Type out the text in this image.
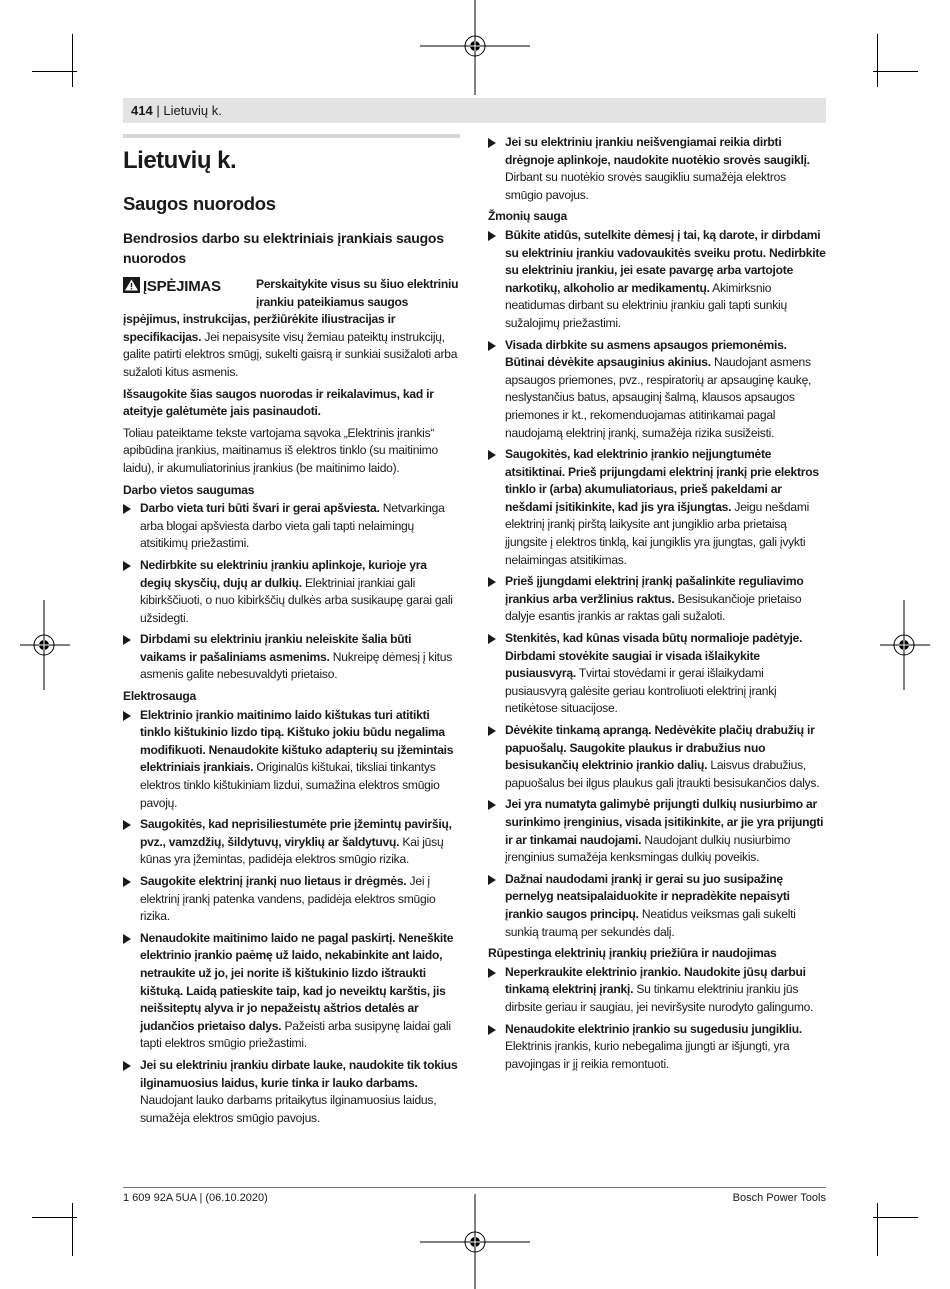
414 | Lietuvių k.
Lietuvių k.
Saugos nuorodos
Bendrosios darbo su elektriniais įrankiais saugos nuorodos
ĮSPĖJIMAS	Perskaitykite visus su šiuo elektriniu įrankiu pateikiamus saugos įspėjimus, instrukcijas, peržiūrėkite iliustracijas ir specifikacijas. Jei nepaisysite visų žemiau pateiktų instrukcijų, galite patirti elektros smūgį, sukelti gaisrą ir sunkiai susižaloti arba sužaloti kitus asmenis.

Išsaugokite šias saugos nuorodas ir reikalavimus, kad ir ateityje galėtumėte jais pasinaudoti.

Toliau pateiktame tekste vartojama sąvoka „Elektrinis įrankis“ apibūdina įrankius, maitinamus iš elektros tinklo (su maitinimo laidu), ir akumuliatorinius įrankius (be maitinimo laido).

Darbo vietos saugumas
Darbo vieta turi būti švari ir gerai apšviesta. Netvarkinga arba blogai apšviesta darbo vieta gali tapti nelaimingų atsitikimų priežastimi.
Nedirbkite su elektriniu įrankiu aplinkoje, kurioje yra degių skysčių, dujų ar dulkių. Elektriniai įrankiai gali kibirkščiuoti, o nuo kibirkščių dulkės arba susikaupę garai gali užsidegti.
Dirbdami su elektriniu įrankiu neleiskite šalia būti vaikams ir pašaliniams asmenims. Nukreipę dėmesį į kitus asmenis galite nebesuvaldyti prietaiso.
Elektrosauga
Elektrinio įrankio maitinimo laido kištukas turi atitikti tinklo kištukinio lizdo tipą. Kištuko jokiu būdu negalima modifikuoti. Nenaudokite kištuko adapterių su įžemintais elektriniais įrankiais. Originalūs kištukai, tiksliai tinkantys elektros tinklo kištukiniam lizdui, sumažina elektros smūgio pavojų.
Saugokitės, kad neprisiliestumėte prie įžemintų paviršių, pvz., vamzdžių, šildytuvų, viryklių ar šaldytuvų. Kai jūsų kūnas yra įžemintas, padidėja elektros smūgio rizika.
Saugokite elektrinį įrankį nuo lietaus ir drėgmės. Jei į elektrinį įrankį patenka vandens, padidėja elektros smūgio rizika.
Nenaudokite maitinimo laido ne pagal paskirtį. Neneškite elektrinio įrankio paėmę už laido, nekabinkite ant laido, netraukite už jo, jei norite iš kištukinio lizdo ištraukti kištuką. Laidą patieskite taip, kad jo neveiktų karštis, jis neišsiteptų alyva ir jo nepažeistų aštrios detalės ar judančios prietaiso dalys. Pažeisti arba susipynę laidai gali tapti elektros smūgio priežastimi.
Jei su elektriniu įrankiu dirbate lauke, naudokite tik tokius ilginamuosius laidus, kurie tinka ir lauko darbams. Naudojant lauko darbams pritaikytus ilginamuosius laidus, sumažėja elektros smūgio pavojus.
Jei su elektriniu įrankiu neišvengiamai reikia dirbti drėgnoje aplinkoje, naudokite nuotėkio srovės saugiklį. Dirbant su nuotėkio srovės saugikliu sumažėja elektros smūgio pavojus.
Žmonių sauga
Būkite atidūs, sutelkite dėmesį į tai, ką darote, ir dirbdami su elektriniu įrankiu vadovaukitės sveiku protu. Nedirbkite su elektriniu įrankiu, jei esate pavargę arba vartojote narkotikų, alkoholio ar medikamentų. Akimirksnio neatidumas dirbant su elektriniu įrankiu gali tapti sunkių sužalojimų priežastimi.
Visada dirbkite su asmens apsaugos priemonėmis. Būtinai dėvėkite apsauginius akinius. Naudojant asmens apsaugos priemones, pvz., respiratorių ar apsauginę kaukę, neslystančius batus, apsauginį šalmą, klausos apsaugos priemones ir kt., rekomenduojamas atitinkamai pagal naudojamą elektrinį įrankį, sumažėja rizika susižeisti.
Saugokitės, kad elektrinio įrankio neįjungtumėte atsitiktinai. Prieš prijungdami elektrinį įrankį prie elektros tinklo ir (arba) akumuliatoriaus, prieš pakeldami ar nešdami įsitikinkite, kad jis yra išjungtas. Jeigu nešdami elektrinį įrankį pirštą laikysite ant jungiklio arba prietaisą įjungsite į elektros tinklą, kai jungiklis yra įjungtas, gali įvykti nelaimingas atsitikimas.
Prieš įjungdami elektrinį įrankį pašalinkite reguliavimo įrankius arba veržlinius raktus. Besisukančioje prietaiso dalyje esantis įrankis ar raktas gali sužaloti.
Stenkitės, kad kūnas visada būtų normalioje padėtyje. Dirbdami stovėkite saugiai ir visada išlaikykite pusiausvyrą. Tvirtai stovėdami ir gerai išlaikydami pusiausvyrą galėsite geriau kontroliuoti elektrinį įrankį netikėtose situacijose.
Dėvėkite tinkamą aprangą. Nedėvėkite plačių drabužių ir papuošalų. Saugokite plaukus ir drabužius nuo besisukančių elektrinio įrankio dalių. Laisvus drabužius, papuošalus bei ilgus plaukus gali įtraukti besisukančios dalys.
Jei yra numatyta galimybė prijungti dulkių nusiurbimo ar surinkimo įrenginius, visada įsitikinkite, ar jie yra prijungti ir ar tinkamai naudojami. Naudojant dulkių nusiurbimo įrenginius sumažėja kenksmingas dulkių poveikis.
Dažnai naudodami įrankį ir gerai su juo susipažinę pernelyg neatsipalaiduokite ir nepradėkite nepaisyti įrankio saugos principų. Neatidus veiksmas gali sukelti sunkią traumą per sekundės dalį.
Rūpestinga elektrinių įrankių priežiūra ir naudojimas
Neperkraukite elektrinio įrankio. Naudokite jūsų darbui tinkamą elektrinį įrankį. Su tinkamu elektriniu įrankiu jūs dirbsite geriau ir saugiau, jei neviršysite nurodyto galingumo.
Nenaudokite elektrinio įrankio su sugedusiu jungikliu. Elektrinis įrankis, kurio nebegalima įjungti ar išjungti, yra pavojingas ir jį reikia remontuoti.
1 609 92A 5UA | (06.10.2020)	Bosch Power Tools
